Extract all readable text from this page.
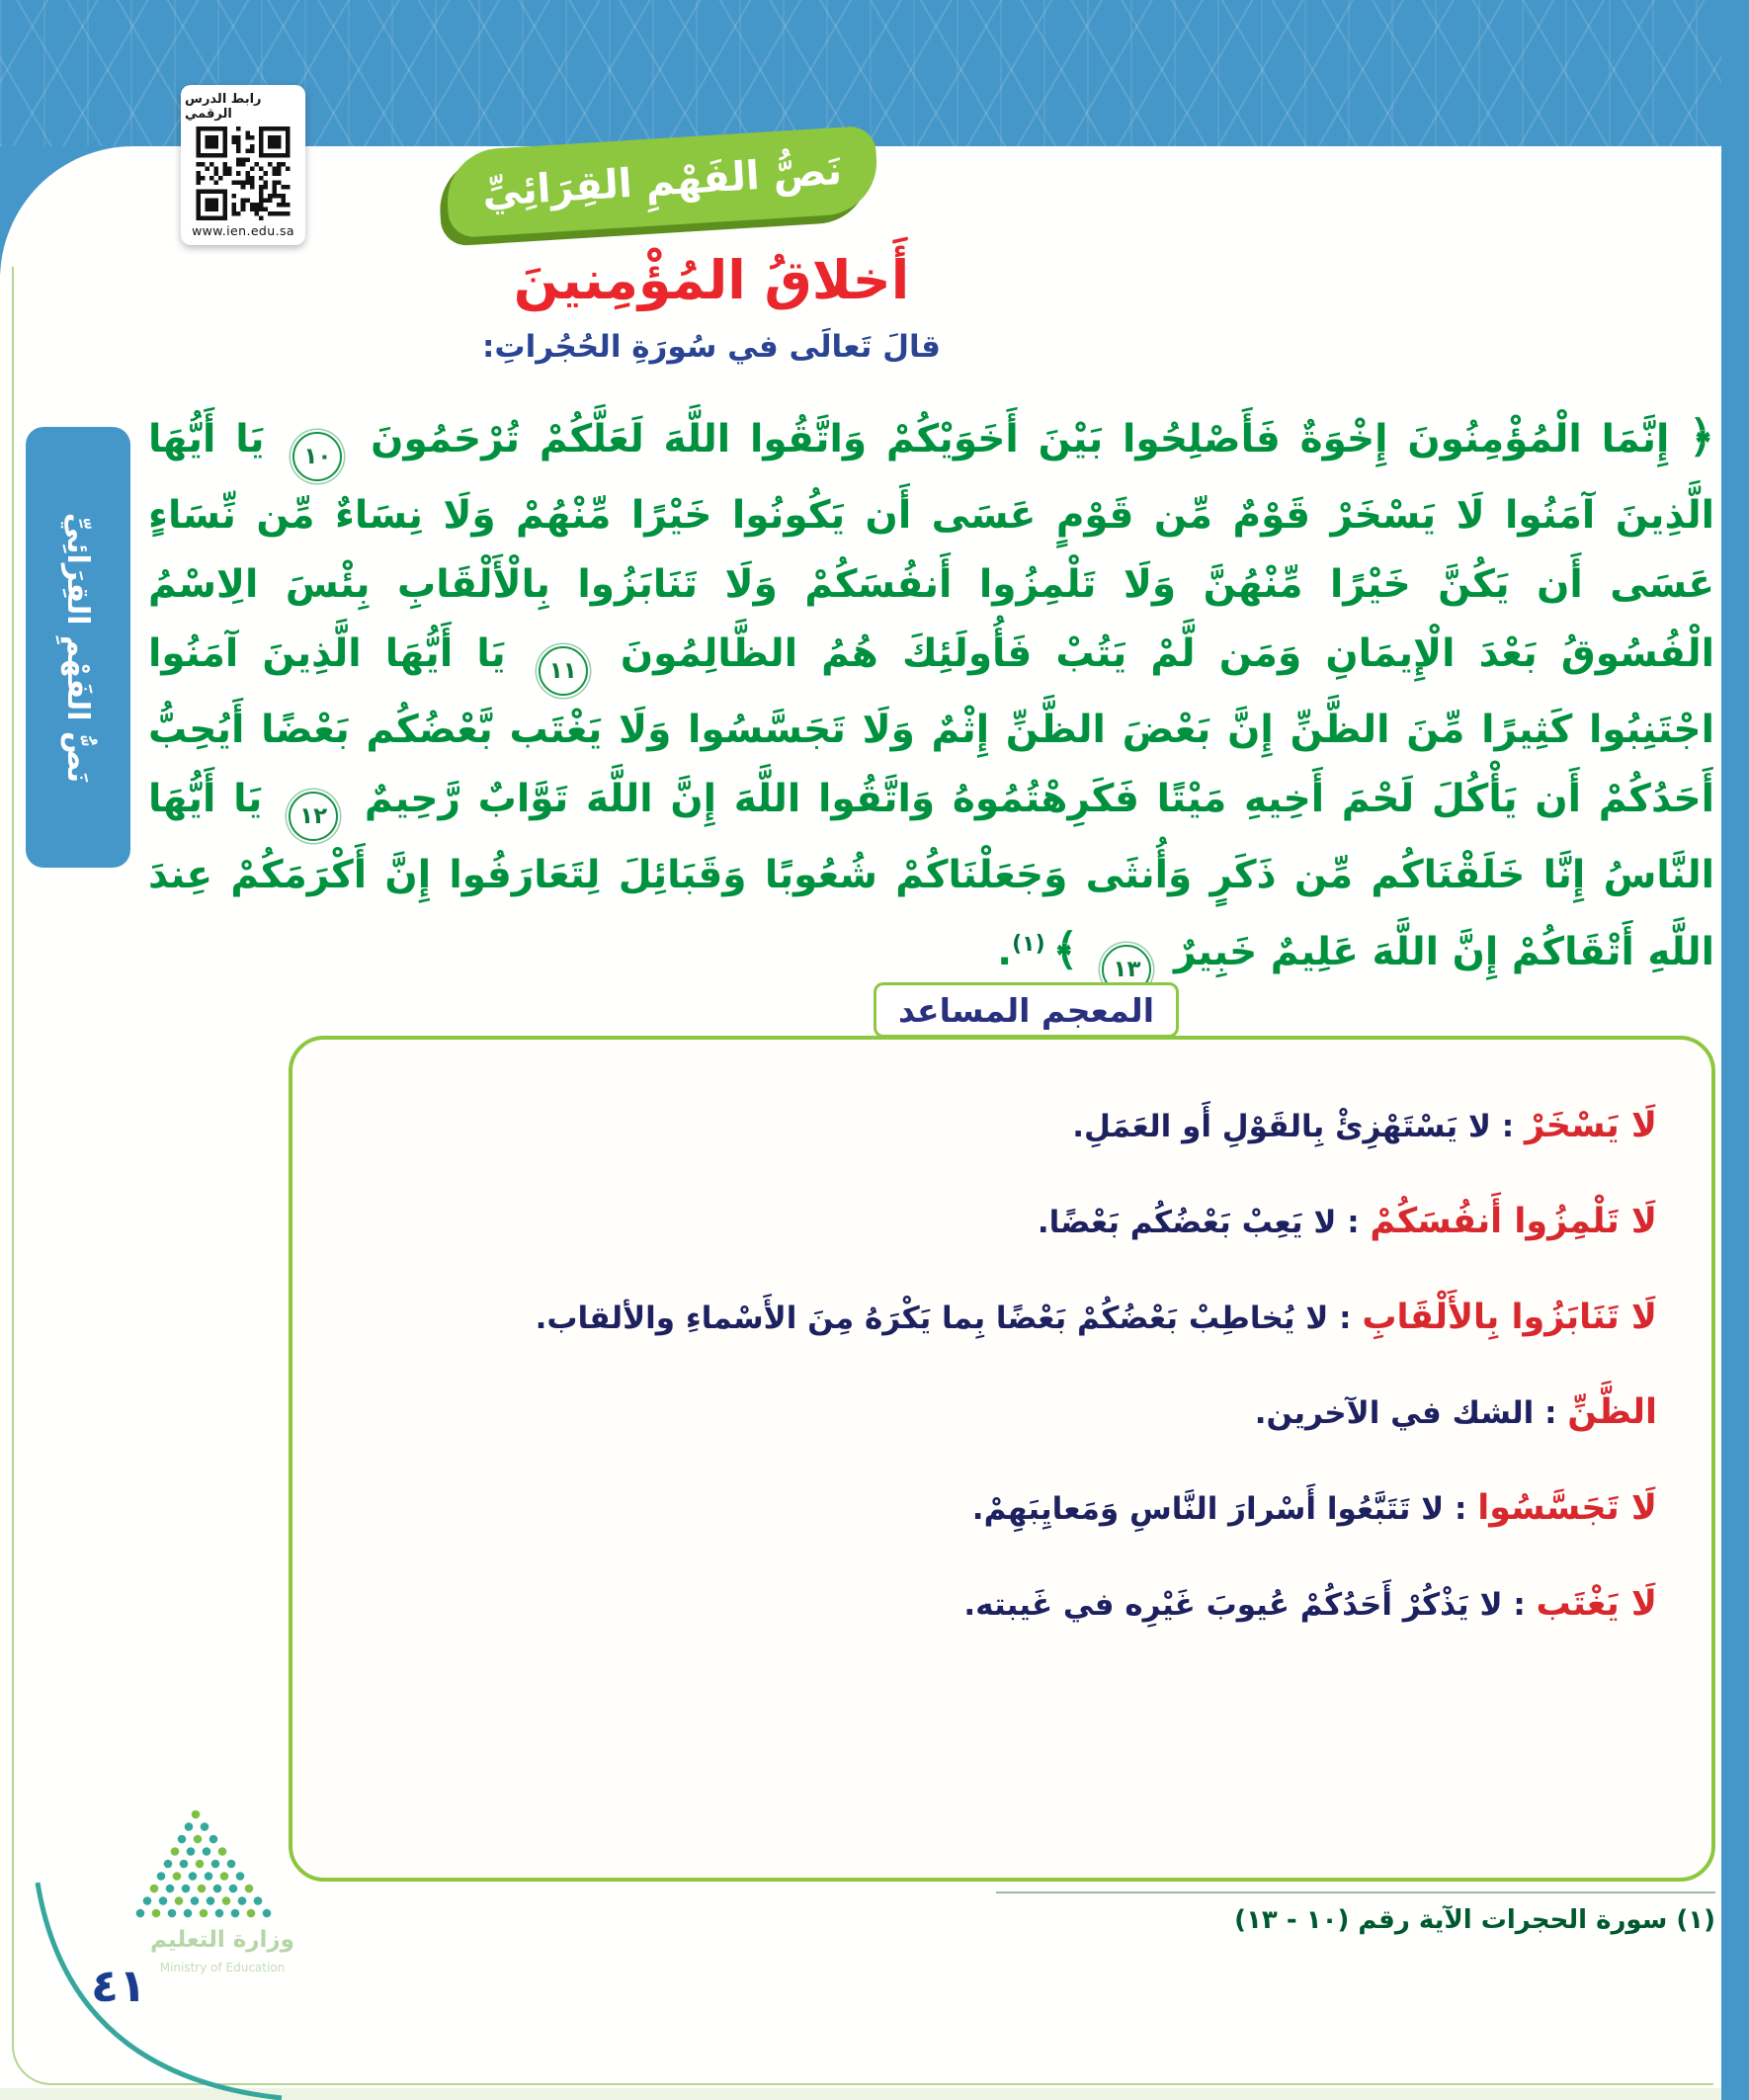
رابط الدرس الرقمي
www.ien.edu.sa
نَصُّ الفَهْمِ القِرَائِيِّ
أَخلاقُ المُؤْمِنينَ
قالَ تَعالَى في سُورَةِ الحُجُراتِ:
﴿ إِنَّمَا الْمُؤْمِنُونَ إِخْوَةٌ فَأَصْلِحُوا بَيْنَ أَخَوَيْكُمْ وَاتَّقُوا اللَّهَ لَعَلَّكُمْ تُرْحَمُونَ ١٠ يَا أَيُّهَا الَّذِينَ آمَنُوا لَا يَسْخَرْ قَوْمٌ مِّن قَوْمٍ عَسَى أَن يَكُونُوا خَيْرًا مِّنْهُمْ وَلَا نِسَاءٌ مِّن نِّسَاءٍ عَسَى أَن يَكُنَّ خَيْرًا مِّنْهُنَّ وَلَا تَلْمِزُوا أَنفُسَكُمْ وَلَا تَنَابَزُوا بِالْأَلْقَابِ بِئْسَ الِاسْمُ الْفُسُوقُ بَعْدَ الْإِيمَانِ وَمَن لَّمْ يَتُبْ فَأُولَئِكَ هُمُ الظَّالِمُونَ ١١ يَا أَيُّهَا الَّذِينَ آمَنُوا اجْتَنِبُوا كَثِيرًا مِّنَ الظَّنِّ إِنَّ بَعْضَ الظَّنِّ إِثْمٌ وَلَا تَجَسَّسُوا وَلَا يَغْتَب بَّعْضُكُم بَعْضًا أَيُحِبُّ أَحَدُكُمْ أَن يَأْكُلَ لَحْمَ أَخِيهِ مَيْتًا فَكَرِهْتُمُوهُ وَاتَّقُوا اللَّهَ إِنَّ اللَّهَ تَوَّابٌ رَّحِيمٌ ١٢ يَا أَيُّهَا النَّاسُ إِنَّا خَلَقْنَاكُم مِّن ذَكَرٍ وَأُنثَى وَجَعَلْنَاكُمْ شُعُوبًا وَقَبَائِلَ لِتَعَارَفُوا إِنَّ أَكْرَمَكُمْ عِندَ اللَّهِ أَتْقَاكُمْ إِنَّ اللَّهَ عَلِيمٌ خَبِيرٌ ١٣ ﴾ $^{(١)}$.
نَصُّ الفَهْمِ القِرَائِيِّ
المعجم المساعد
لَا يَسْخَرْ : لا يَسْتَهْزِئْ بِالقَوْلِ أَو العَمَلِ.
لَا تَلْمِزُوا أَنفُسَكُمْ : لا يَعِبْ بَعْضُكُم بَعْضًا.
لَا تَنَابَزُوا بِالأَلْقَابِ : لا يُخاطِبْ بَعْضُكُمْ بَعْضًا بِما يَكْرَهُ مِنَ الأَسْماءِ والألقاب.
الظَّنِّ : الشك في الآخرين.
لَا تَجَسَّسُوا : لا تَتَبَّعُوا أَسْرارَ النَّاسِ وَمَعايِبَهِمْ.
لَا يَغْتَب : لا يَذْكُرْ أَحَدُكُمْ عُيوبَ غَيْرِه في غَيبته.
(١) سورة الحجرات الآية رقم (١٠ - ١٣)
وزارة التعليم
Ministry of Education
٤١
